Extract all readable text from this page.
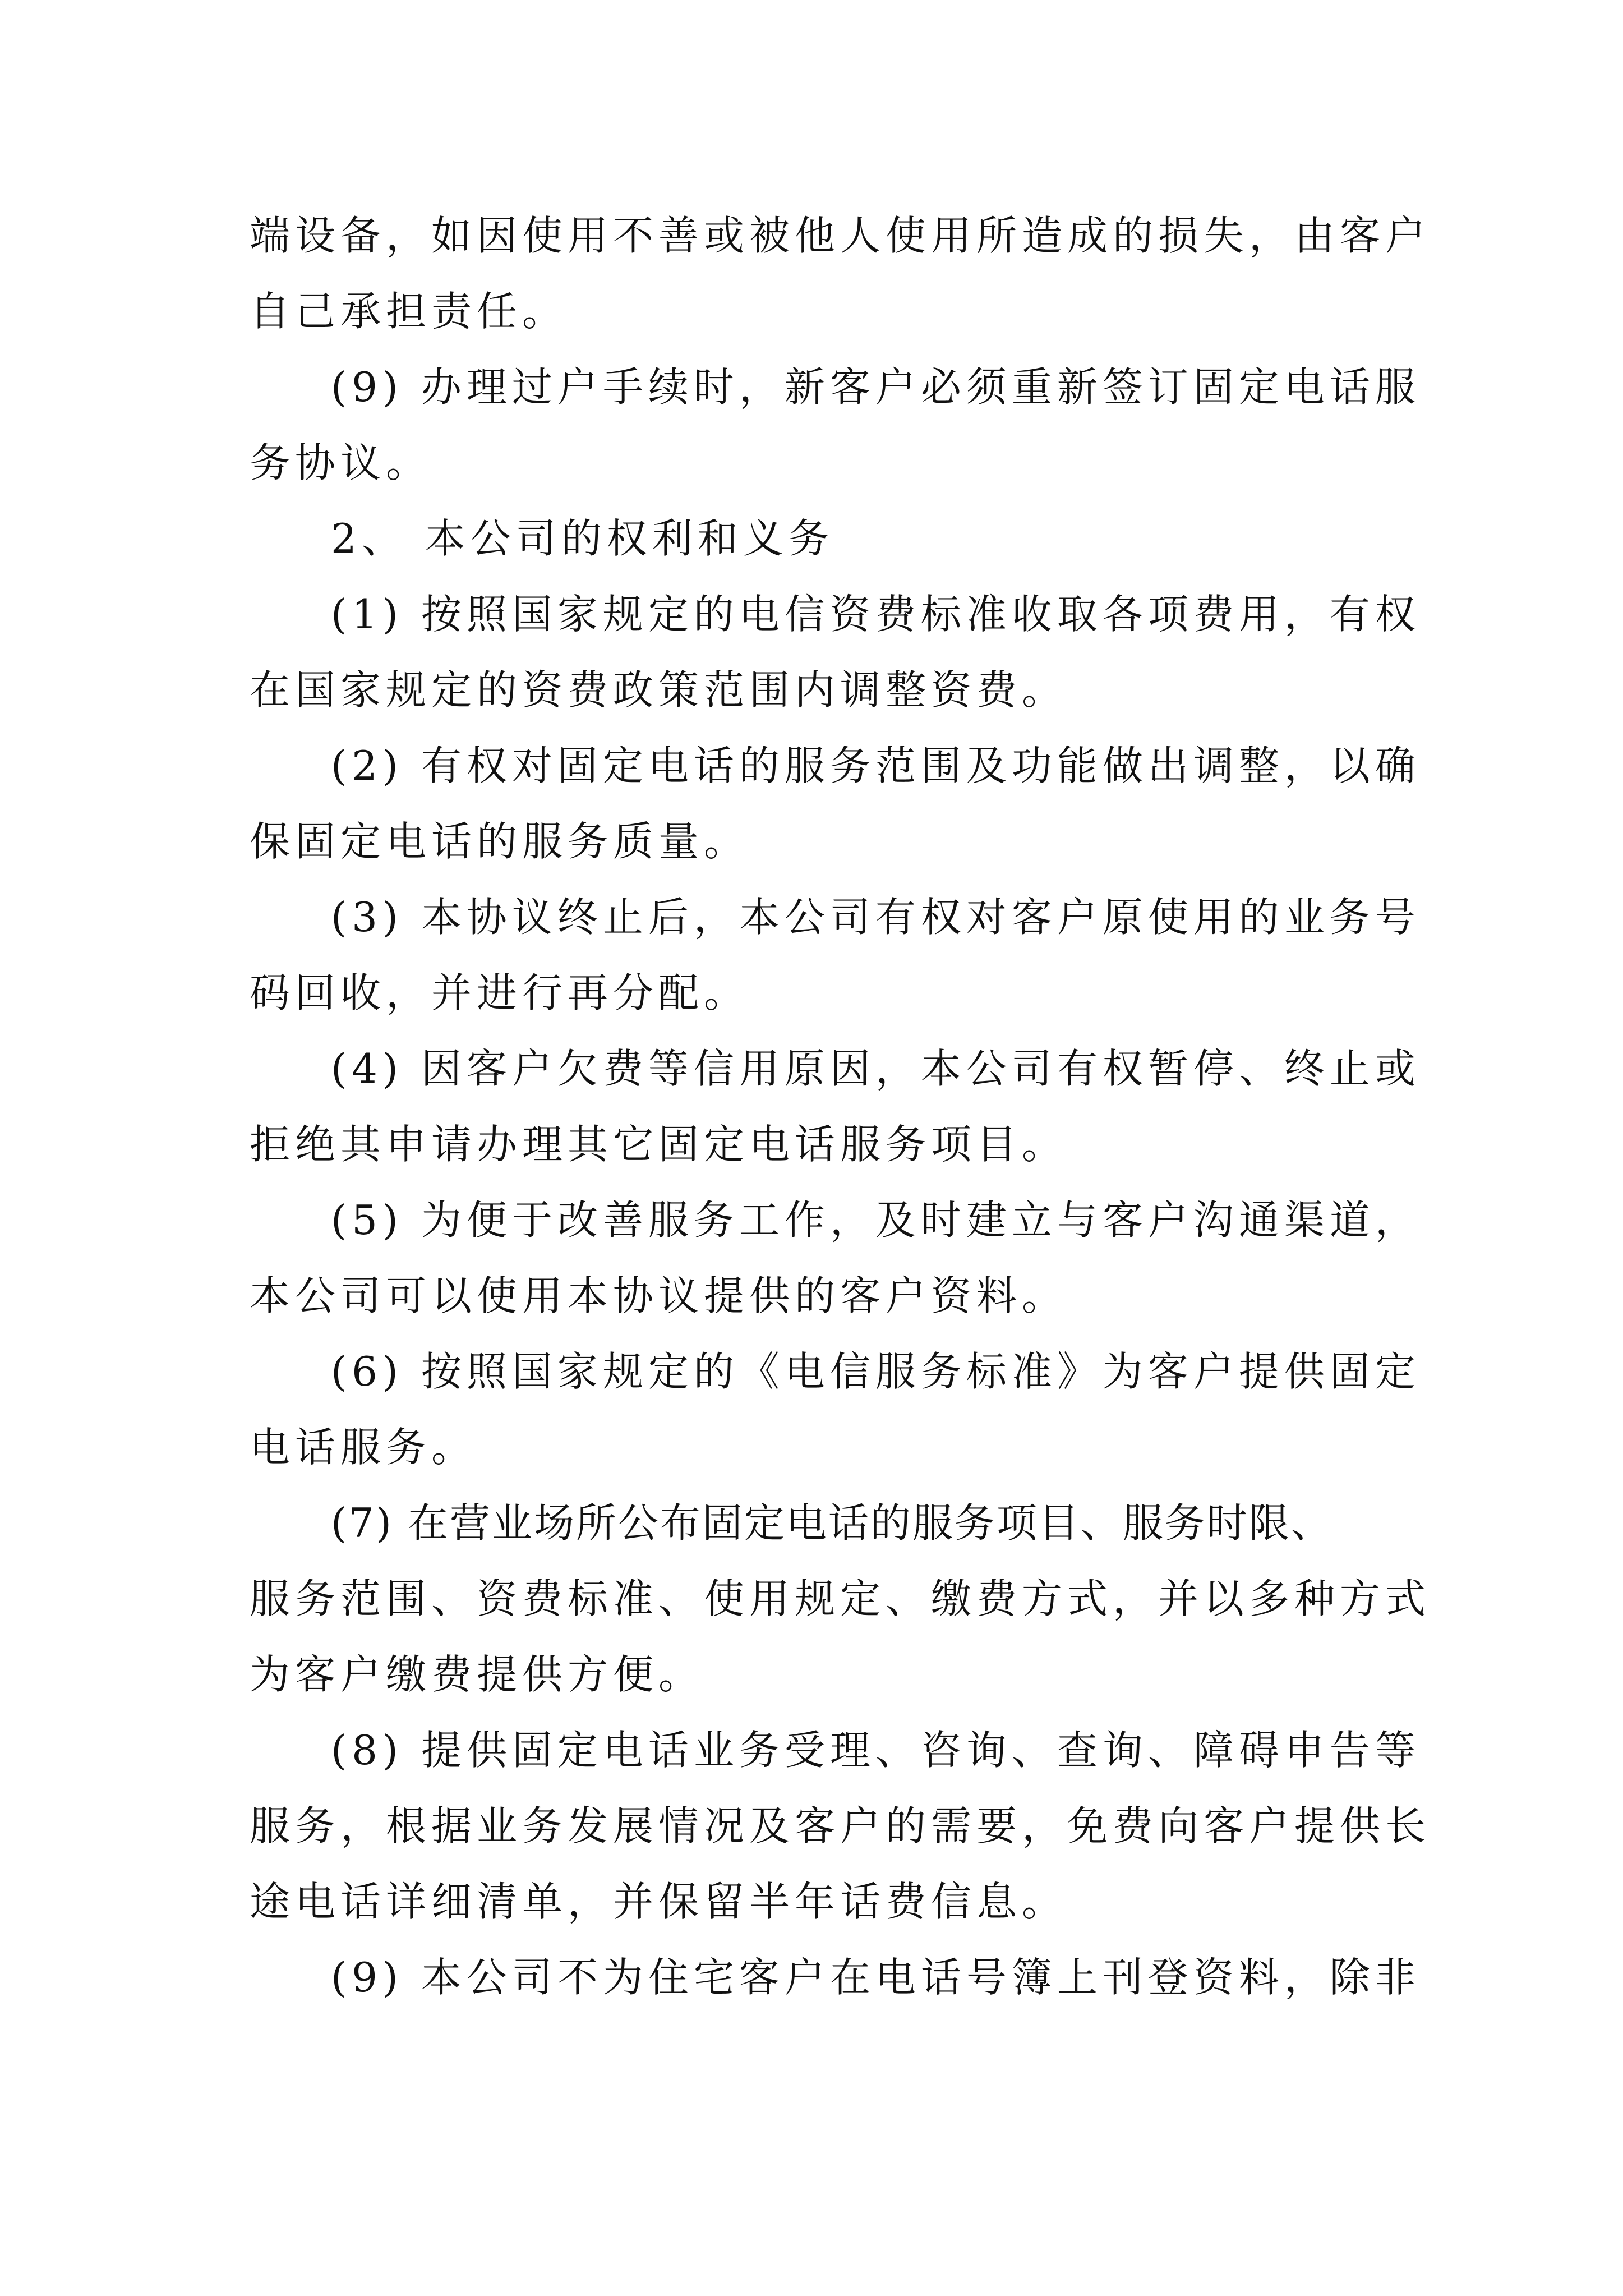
端设备，如因使用不善或被他人使用所造成的损失，由客户

自己承担责任。

(9) 办理过户手续时，新客户必须重新签订固定电话服

务协议。

2、 本公司的权利和义务

(1) 按照国家规定的电信资费标准收取各项费用，有权

在国家规定的资费政策范围内调整资费。

(2) 有权对固定电话的服务范围及功能做出调整，以确

保固定电话的服务质量。

(3) 本协议终止后，本公司有权对客户原使用的业务号

码回收，并进行再分配。

(4) 因客户欠费等信用原因，本公司有权暂停、终止或

拒绝其申请办理其它固定电话服务项目。

(5) 为便于改善服务工作，及时建立与客户沟通渠道，

本公司可以使用本协议提供的客户资料。

(6) 按照国家规定的《电信服务标准》为客户提供固定

电话服务。

(7) 在营业场所公布固定电话的服务项目、服务时限、

服务范围、资费标准、使用规定、缴费方式，并以多种方式

为客户缴费提供方便。

(8) 提供固定电话业务受理、咨询、查询、障碍申告等

服务，根据业务发展情况及客户的需要，免费向客户提供长

途电话详细清单，并保留半年话费信息。

(9) 本公司不为住宅客户在电话号簿上刊登资料，除非
